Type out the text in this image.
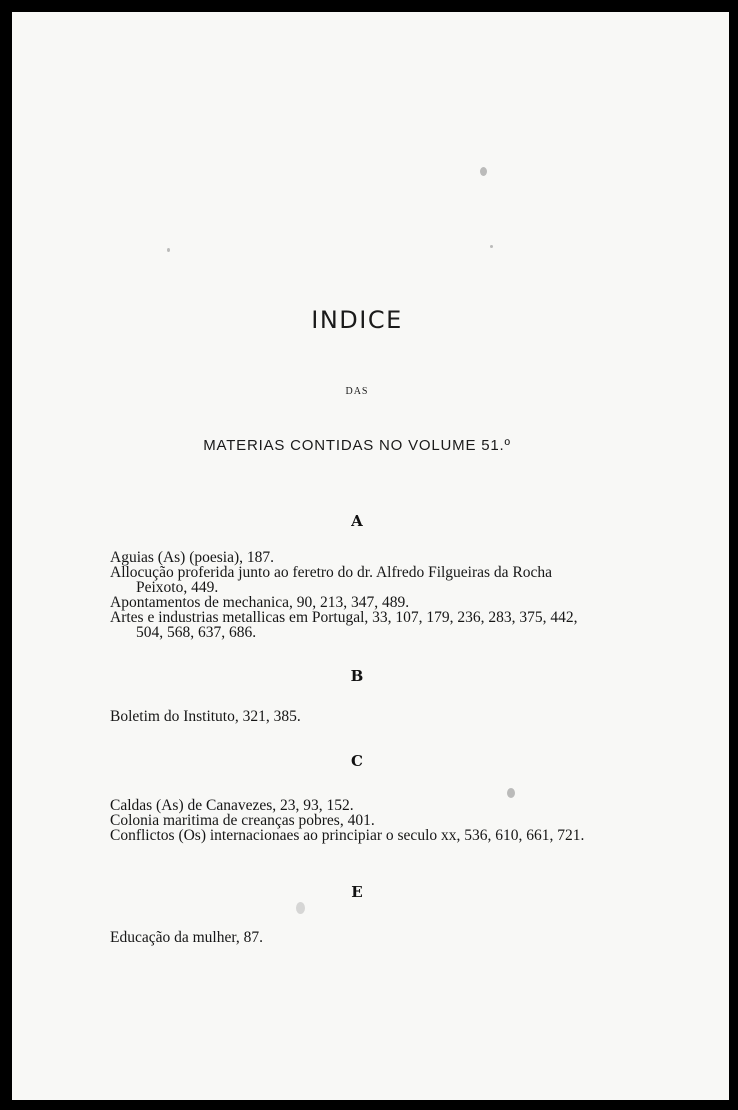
INDICE
DAS
MATERIAS CONTIDAS NO VOLUME 51.º
A
Aguias (As) (poesia), 187.
Allocução proferida junto ao feretro do dr. Alfredo Filgueiras da Rocha Peixoto, 449.
Apontamentos de mechanica, 90, 213, 347, 489.
Artes e industrias metallicas em Portugal, 33, 107, 179, 236, 283, 375, 442, 504, 568, 637, 686.
B
Boletim do Instituto, 321, 385.
C
Caldas (As) de Canavezes, 23, 93, 152.
Colonia maritima de creanças pobres, 401.
Conflictos (Os) internacionaes ao principiar o seculo xx, 536, 610, 661, 721.
E
Educação da mulher, 87.
